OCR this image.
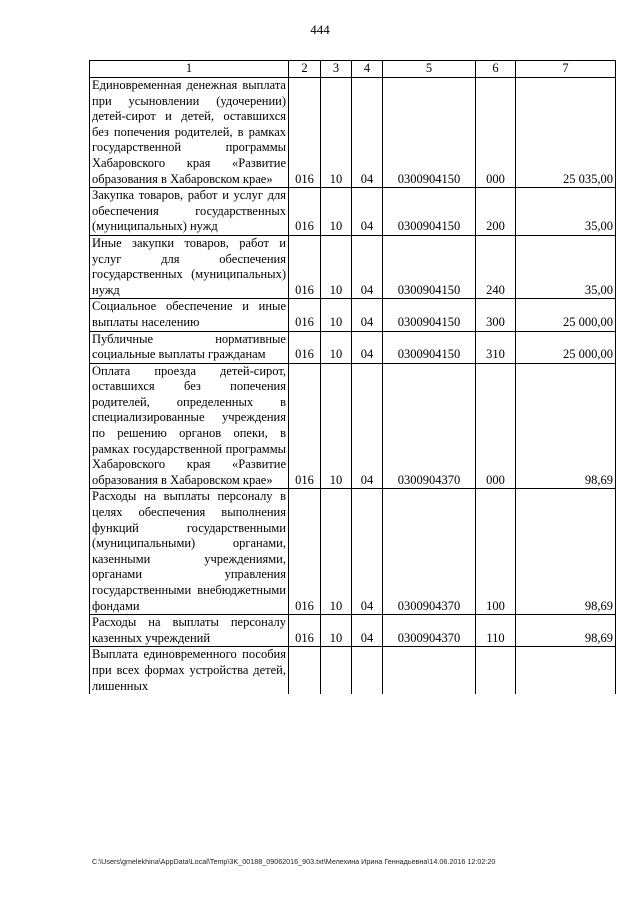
444
1	2	3	4	5	6	7
Единовременная денежная выплата при усыновлении (удочерении) детей-сирот и детей, оставшихся без попечения родителей, в рамках государственной программы Хабаровского края «Развитие образования в Хабаровском крае»	016	10	04	0300904150	000	25 035,00
Закупка товаров, работ и услуг для обеспечения государственных (муниципальных) нужд	016	10	04	0300904150	200	35,00
Иные закупки товаров, работ и услуг для обеспечения государственных (муниципальных) нужд	016	10	04	0300904150	240	35,00
Социальное обеспечение и иные выплаты населению	016	10	04	0300904150	300	25 000,00
Публичные нормативные социальные выплаты гражданам	016	10	04	0300904150	310	25 000,00
Оплата проезда детей-сирот, оставшихся без попечения родителей, определенных в специализированные учреждения по решению органов опеки, в рамках государственной программы Хабаровского края «Развитие образования в Хабаровском крае»	016	10	04	0300904370	000	98,69
Расходы на выплаты персоналу в целях обеспечения выполнения функций государственными (муниципальными) органами, казенными учреждениями, органами управления государственными внебюджетными фондами	016	10	04	0300904370	100	98,69
Расходы на выплаты персоналу казенных учреждений	016	10	04	0300904370	110	98,69
Выплата единовременного пособия при всех формах устройства детей, лишенных						
C:\Users\gmelekhina\AppData\Local\Temp\3K_00188_09062016_903.txt\Мелехина Ирина Геннадьевна\14.06.2016 12:02:20
